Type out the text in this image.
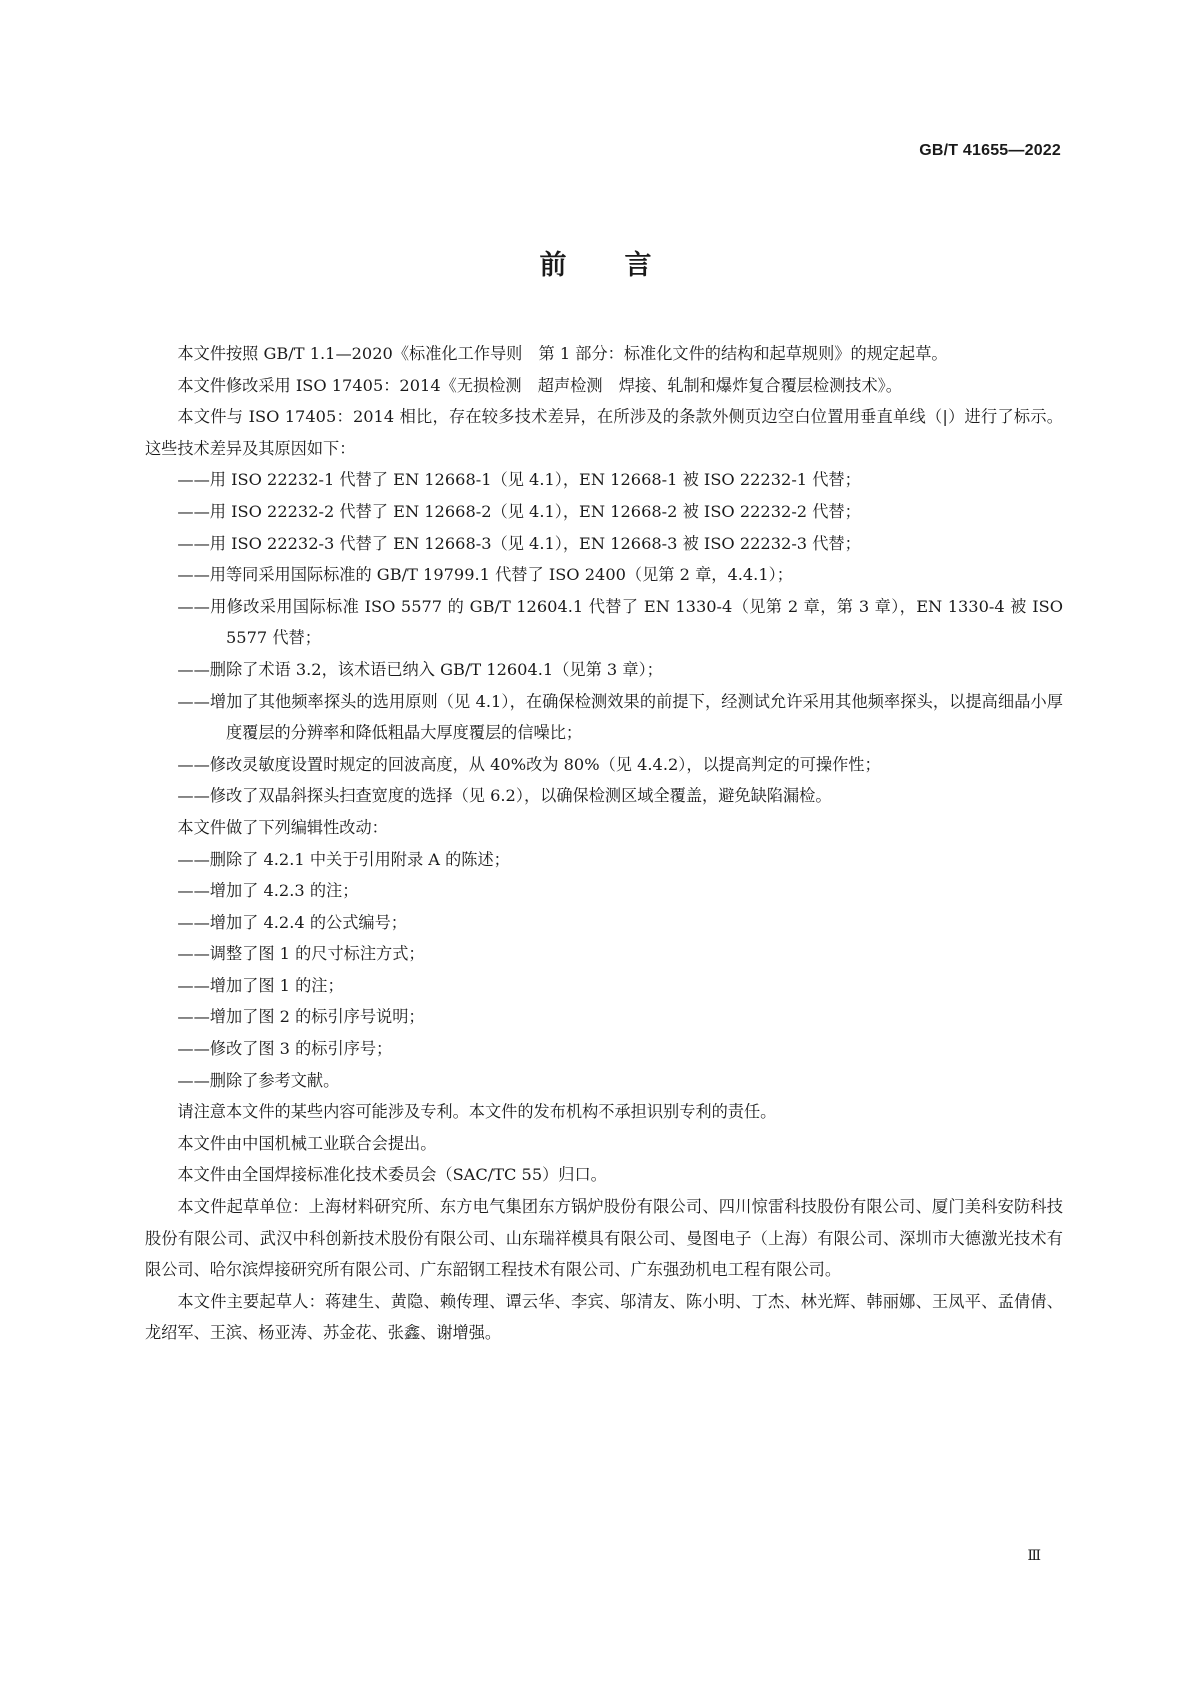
GB/T 41655—2022
前 言

本文件按照 GB/T 1.1—2020《标准化工作导则　第 1 部分：标准化文件的结构和起草规则》的规定起草。

本文件修改采用 ISO 17405：2014《无损检测　超声检测　焊接、轧制和爆炸复合覆层检测技术》。

本文件与 ISO 17405：2014 相比，存在较多技术差异，在所涉及的条款外侧页边空白位置用垂直单线（|）进行了标示。这些技术差异及其原因如下：

——用 ISO 22232-1 代替了 EN 12668-1（见 4.1），EN 12668-1 被 ISO 22232-1 代替；

——用 ISO 22232-2 代替了 EN 12668-2（见 4.1），EN 12668-2 被 ISO 22232-2 代替；

——用 ISO 22232-3 代替了 EN 12668-3（见 4.1），EN 12668-3 被 ISO 22232-3 代替；

——用等同采用国际标准的 GB/T 19799.1 代替了 ISO 2400（见第 2 章，4.4.1）；

——用修改采用国际标准 ISO 5577 的 GB/T 12604.1 代替了 EN 1330-4（见第 2 章，第 3 章），EN 1330-4 被 ISO 5577 代替；

——删除了术语 3.2，该术语已纳入 GB/T 12604.1（见第 3 章）；

——增加了其他频率探头的选用原则（见 4.1），在确保检测效果的前提下，经测试允许采用其他频率探头，以提高细晶小厚度覆层的分辨率和降低粗晶大厚度覆层的信噪比；

——修改灵敏度设置时规定的回波高度，从 40%改为 80%（见 4.4.2），以提高判定的可操作性；

——修改了双晶斜探头扫查宽度的选择（见 6.2），以确保检测区域全覆盖，避免缺陷漏检。

本文件做了下列编辑性改动：

——删除了 4.2.1 中关于引用附录 A 的陈述；

——增加了 4.2.3 的注；

——增加了 4.2.4 的公式编号；

——调整了图 1 的尺寸标注方式；

——增加了图 1 的注；

——增加了图 2 的标引序号说明；

——修改了图 3 的标引序号；

——删除了参考文献。

请注意本文件的某些内容可能涉及专利。本文件的发布机构不承担识别专利的责任。

本文件由中国机械工业联合会提出。

本文件由全国焊接标准化技术委员会（SAC/TC 55）归口。

本文件起草单位：上海材料研究所、东方电气集团东方锅炉股份有限公司、四川惊雷科技股份有限公司、厦门美科安防科技股份有限公司、武汉中科创新技术股份有限公司、山东瑞祥模具有限公司、曼图电子（上海）有限公司、深圳市大德激光技术有限公司、哈尔滨焊接研究所有限公司、广东韶钢工程技术有限公司、广东强劲机电工程有限公司。

本文件主要起草人：蒋建生、黄隐、赖传理、谭云华、李宾、邬清友、陈小明、丁杰、林光辉、韩丽娜、王凤平、孟倩倩、龙绍军、王滨、杨亚涛、苏金花、张鑫、谢增强。

Ⅲ
